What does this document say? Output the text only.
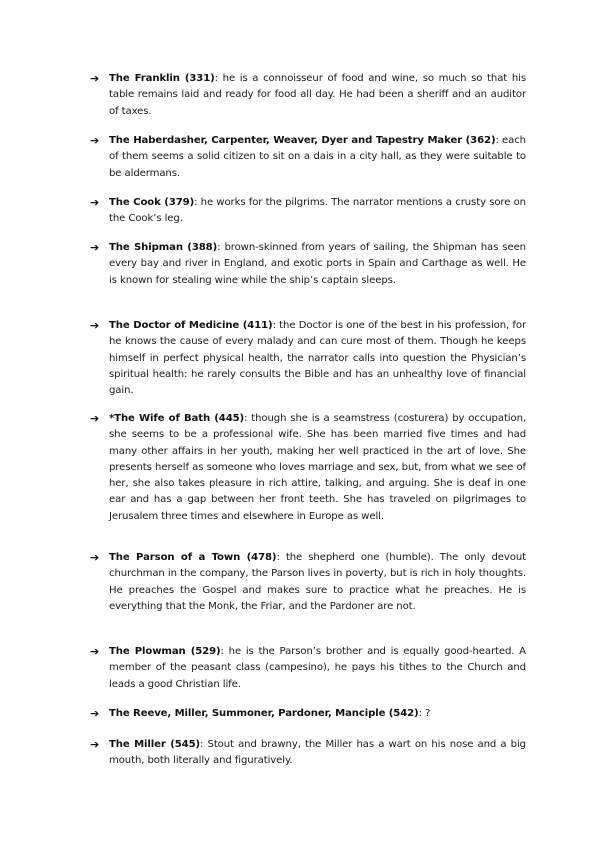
➔ The Franklin (331): he is a connoisseur of food and wine, so much so that his table remains laid and ready for food all day. He had been a sheriff and an auditor of taxes.
➔ The Haberdasher, Carpenter, Weaver, Dyer and Tapestry Maker (362): each of them seems a solid citizen to sit on a dais in a city hall, as they were suitable to be aldermans.
➔ The Cook (379): he works for the pilgrims. The narrator mentions a crusty sore on the Cook’s leg.
➔ The Shipman (388): brown-skinned from years of sailing, the Shipman has seen every bay and river in England, and exotic ports in Spain and Carthage as well. He is known for stealing wine while the ship’s captain sleeps.
➔ The Doctor of Medicine (411): the Doctor is one of the best in his profession, for he knows the cause of every malady and can cure most of them. Though he keeps himself in perfect physical health, the narrator calls into question the Physician’s spiritual health: he rarely consults the Bible and has an unhealthy love of financial gain.
➔ *The Wife of Bath (445): though she is a seamstress (costurera) by occupation, she seems to be a professional wife. She has been married five times and had many other affairs in her youth, making her well practiced in the art of love. She presents herself as someone who loves marriage and sex, but, from what we see of her, she also takes pleasure in rich attire, talking, and arguing. She is deaf in one ear and has a gap between her front teeth. She has traveled on pilgrimages to Jerusalem three times and elsewhere in Europe as well.
➔ The Parson of a Town (478): the shepherd one (humble). The only devout churchman in the company, the Parson lives in poverty, but is rich in holy thoughts. He preaches the Gospel and makes sure to practice what he preaches. He is everything that the Monk, the Friar, and the Pardoner are not.
➔ The Plowman (529): he is the Parson’s brother and is equally good-hearted. A member of the peasant class (campesino), he pays his tithes to the Church and leads a good Christian life.
➔ The Reeve, Miller, Summoner, Pardoner, Manciple (542): ?
➔ The Miller (545): Stout and brawny, the Miller has a wart on his nose and a big mouth, both literally and figuratively.
